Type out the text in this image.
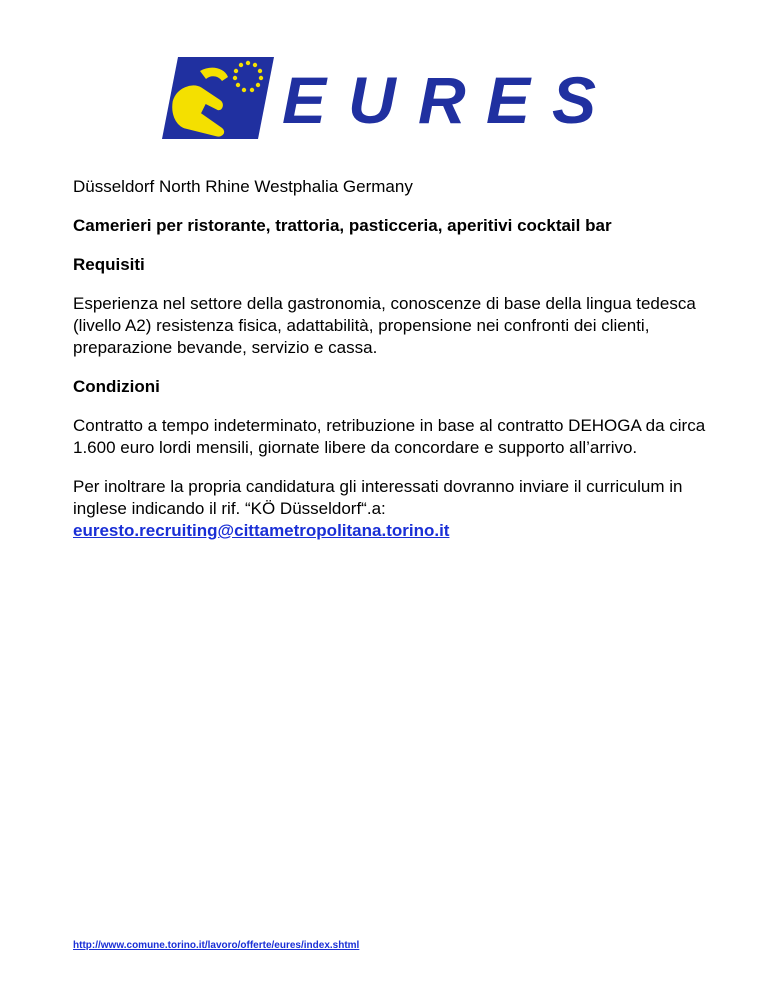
E U R E S

Düsseldorf North Rhine Westphalia Germany

Camerieri per ristorante, trattoria, pasticceria, aperitivi cocktail bar

Requisiti

Esperienza nel settore della gastronomia, conoscenze di base della lingua tedesca (livello A2) resistenza fisica, adattabilità, propensione nei confronti dei clienti, preparazione bevande, servizio e cassa.

Condizioni

Contratto a tempo indeterminato, retribuzione in base al contratto DEHOGA da circa 1.600 euro lordi mensili, giornate libere da concordare e supporto all’arrivo.

Per inoltrare la propria candidatura gli interessati dovranno inviare il curriculum in inglese indicando il rif. “KÖ Düsseldorf“.a:
euresto.recruiting@cittametropolitana.torino.it

http://www.comune.torino.it/lavoro/offerte/eures/index.shtml
